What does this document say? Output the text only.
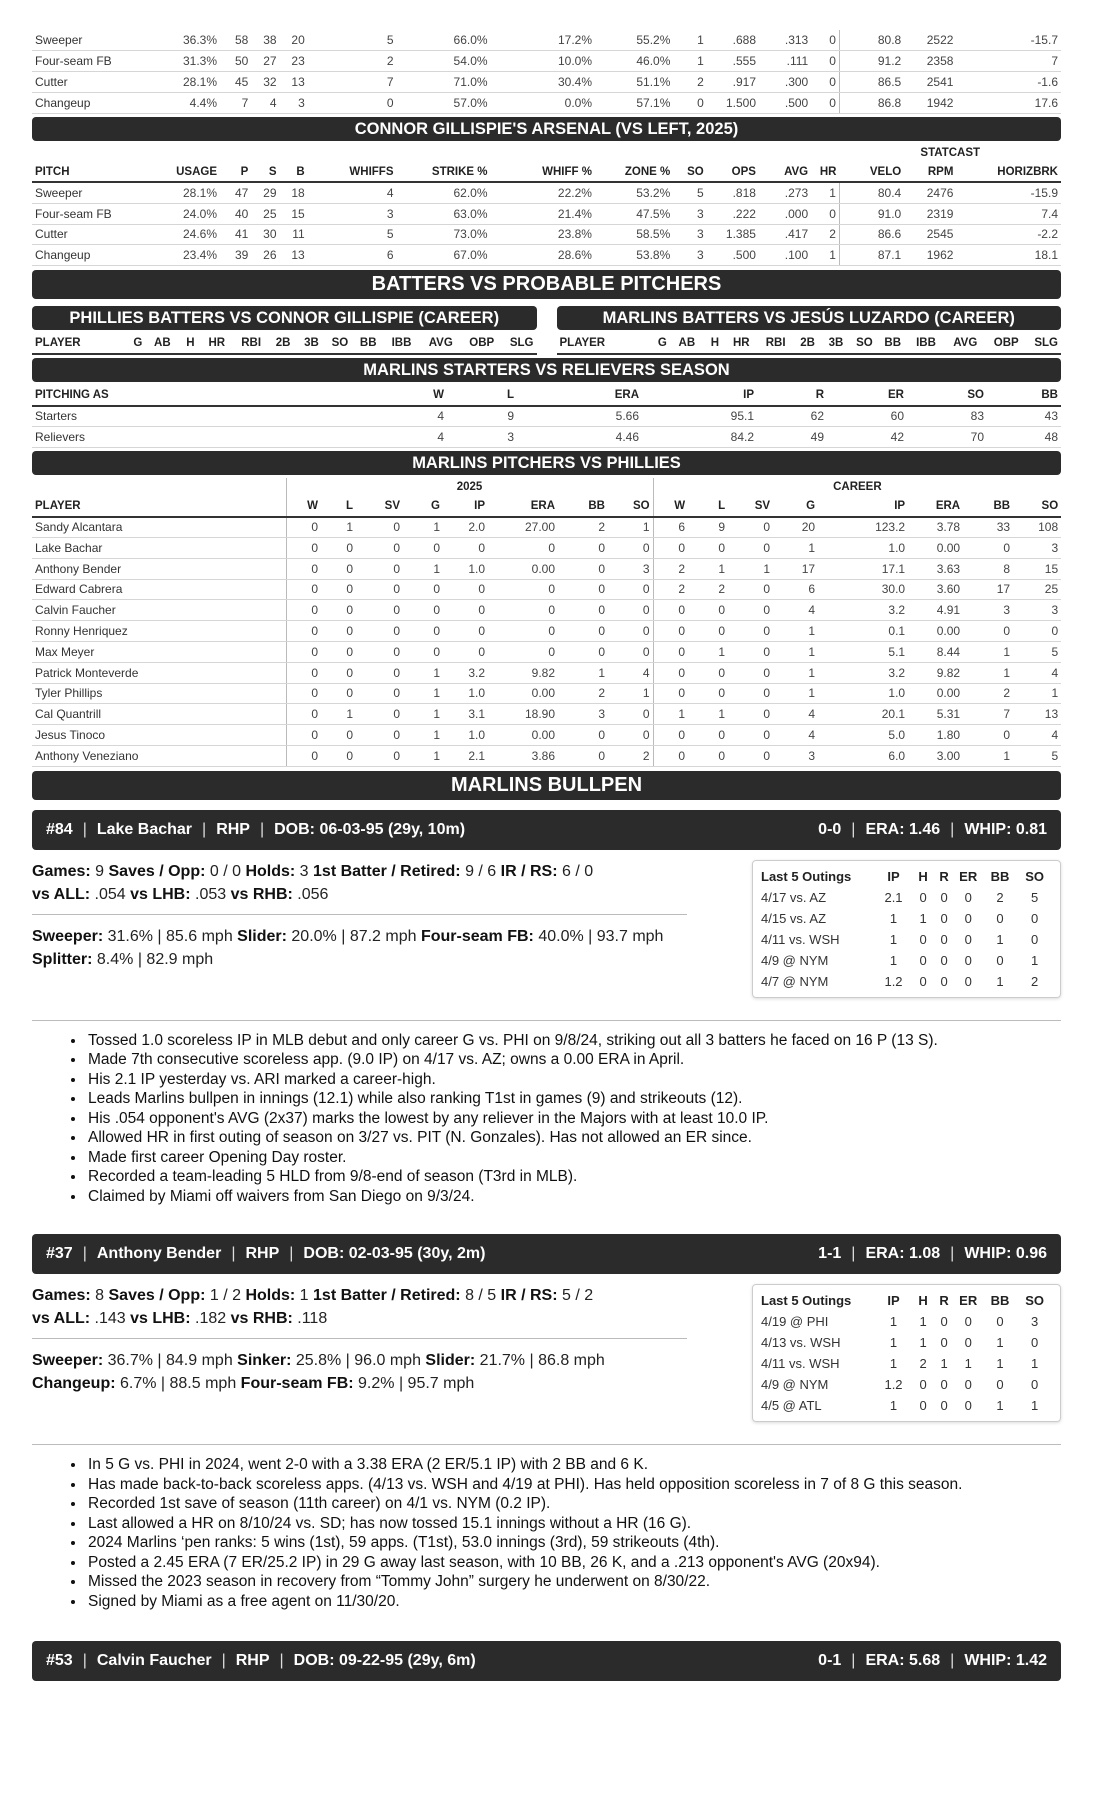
Sweeper	36.3%	58	38	20	5	66.0%	17.2%	55.2%	1	.688	.313	0	80.8	2522	-15.7
Four-seam FB	31.3%	50	27	23	2	54.0%	10.0%	46.0%	1	.555	.111	0	91.2	2358	7
Cutter	28.1%	45	32	13	7	71.0%	30.4%	51.1%	2	.917	.300	0	86.5	2541	-1.6
Changeup	4.4%	7	4	3	0	57.0%	0.0%	57.1%	0	1.500	.500	0	86.8	1942	17.6
CONNOR GILLISPIE'S ARSENAL (VS LEFT, 2025)
													STATCAST		
PITCH	USAGE	P	S	B	WHIFFS	STRIKE %	WHIFF %	ZONE %	SO	OPS	AVG	HR	VELO	RPM	HORIZBRK
Sweeper	28.1%	47	29	18	4	62.0%	22.2%	53.2%	5	.818	.273	1	80.4	2476	-15.9
Four-seam FB	24.0%	40	25	15	3	63.0%	21.4%	47.5%	3	.222	.000	0	91.0	2319	7.4
Cutter	24.6%	41	30	11	5	73.0%	23.8%	58.5%	3	1.385	.417	2	86.6	2545	-2.2
Changeup	23.4%	39	26	13	6	67.0%	28.6%	53.8%	3	.500	.100	1	87.1	1962	18.1
BATTERS VS PROBABLE PITCHERS
PHILLIES BATTERS VS CONNOR GILLISPIE (CAREER)
PLAYER	G	AB	H	HR	RBI	2B	3B	SO	BB	IBB	AVG	OBP	SLG
MARLINS BATTERS VS JESÚS LUZARDO (CAREER)
PLAYER	G	AB	H	HR	RBI	2B	3B	SO	BB	IBB	AVG	OBP	SLG
MARLINS STARTERS VS RELIEVERS SEASON
PITCHING AS	W	L	ERA	IP	R	ER	SO	BB
Starters	4	9	5.66	95.1	62	60	83	43
Relievers	4	3	4.46	84.2	49	42	70	48
MARLINS PITCHERS VS PHILLIES
	2025								CAREER							
PLAYER	W	L	SV	G	IP	ERA	BB	SO	W	L	SV	G	IP	ERA	BB	SO
Sandy Alcantara	0	1	0	1	2.0	27.00	2	1	6	9	0	20	123.2	3.78	33	108
Lake Bachar	0	0	0	0	0	0	0	0	0	0	0	1	1.0	0.00	0	3
Anthony Bender	0	0	0	1	1.0	0.00	0	3	2	1	1	17	17.1	3.63	8	15
Edward Cabrera	0	0	0	0	0	0	0	0	2	2	0	6	30.0	3.60	17	25
Calvin Faucher	0	0	0	0	0	0	0	0	0	0	0	4	3.2	4.91	3	3
Ronny Henriquez	0	0	0	0	0	0	0	0	0	0	0	1	0.1	0.00	0	0
Max Meyer	0	0	0	0	0	0	0	0	0	1	0	1	5.1	8.44	1	5
Patrick Monteverde	0	0	0	1	3.2	9.82	1	4	0	0	0	1	3.2	9.82	1	4
Tyler Phillips	0	0	0	1	1.0	0.00	2	1	0	0	0	1	1.0	0.00	2	1
Cal Quantrill	0	1	0	1	3.1	18.90	3	0	1	1	0	4	20.1	5.31	7	13
Jesus Tinoco	0	0	0	1	1.0	0.00	0	0	0	0	0	4	5.0	1.80	0	4
Anthony Veneziano	0	0	0	1	2.1	3.86	0	2	0	0	0	3	6.0	3.00	1	5
MARLINS BULLPEN
#84 | Lake Bachar | RHP | DOB: 06-03-95 (29y, 10m)	0-0 | ERA: 1.46 | WHIP: 0.81
Games: 9 Saves / Opp: 0 / 0 Holds: 3 1st Batter / Retired: 9 / 6 IR / RS: 6 / 0
vs ALL: .054 vs LHB: .053 vs RHB: .056
Sweeper: 31.6% | 85.6 mph Slider: 20.0% | 87.2 mph Four-seam FB: 40.0% | 93.7 mph
Splitter: 8.4% | 82.9 mph
Last 5 Outings	IP	H	R	ER	BB	SO
4/17 vs. AZ	2.1	0	0	0	2	5
4/15 vs. AZ	1	1	0	0	0	0
4/11 vs. WSH	1	0	0	0	1	0
4/9 @ NYM	1	0	0	0	0	1
4/7 @ NYM	1.2	0	0	0	1	2
• Tossed 1.0 scoreless IP in MLB debut and only career G vs. PHI on 9/8/24, striking out all 3 batters he faced on 16 P (13 S).
• Made 7th consecutive scoreless app. (9.0 IP) on 4/17 vs. AZ; owns a 0.00 ERA in April.
• His 2.1 IP yesterday vs. ARI marked a career-high.
• Leads Marlins bullpen in innings (12.1) while also ranking T1st in games (9) and strikeouts (12).
• His .054 opponent's AVG (2x37) marks the lowest by any reliever in the Majors with at least 10.0 IP.
• Allowed HR in first outing of season on 3/27 vs. PIT (N. Gonzales). Has not allowed an ER since.
• Made first career Opening Day roster.
• Recorded a team-leading 5 HLD from 9/8-end of season (T3rd in MLB).
• Claimed by Miami off waivers from San Diego on 9/3/24.
#37 | Anthony Bender | RHP | DOB: 02-03-95 (30y, 2m)	1-1 | ERA: 1.08 | WHIP: 0.96
Games: 8 Saves / Opp: 1 / 2 Holds: 1 1st Batter / Retired: 8 / 5 IR / RS: 5 / 2
vs ALL: .143 vs LHB: .182 vs RHB: .118
Sweeper: 36.7% | 84.9 mph Sinker: 25.8% | 96.0 mph Slider: 21.7% | 86.8 mph
Changeup: 6.7% | 88.5 mph Four-seam FB: 9.2% | 95.7 mph
Last 5 Outings	IP	H	R	ER	BB	SO
4/19 @ PHI	1	1	0	0	0	3
4/13 vs. WSH	1	1	0	0	1	0
4/11 vs. WSH	1	2	1	1	1	1
4/9 @ NYM	1.2	0	0	0	0	0
4/5 @ ATL	1	0	0	0	1	1
• In 5 G vs. PHI in 2024, went 2-0 with a 3.38 ERA (2 ER/5.1 IP) with 2 BB and 6 K.
• Has made back-to-back scoreless apps. (4/13 vs. WSH and 4/19 at PHI). Has held opposition scoreless in 7 of 8 G this season.
• Recorded 1st save of season (11th career) on 4/1 vs. NYM (0.2 IP).
• Last allowed a HR on 8/10/24 vs. SD; has now tossed 15.1 innings without a HR (16 G).
• 2024 Marlins ‘pen ranks: 5 wins (1st), 59 apps. (T1st), 53.0 innings (3rd), 59 strikeouts (4th).
• Posted a 2.45 ERA (7 ER/25.2 IP) in 29 G away last season, with 10 BB, 26 K, and a .213 opponent's AVG (20x94).
• Missed the 2023 season in recovery from “Tommy John” surgery he underwent on 8/30/22.
• Signed by Miami as a free agent on 11/30/20.
#53 | Calvin Faucher | RHP | DOB: 09-22-95 (29y, 6m)	0-1 | ERA: 5.68 | WHIP: 1.42
